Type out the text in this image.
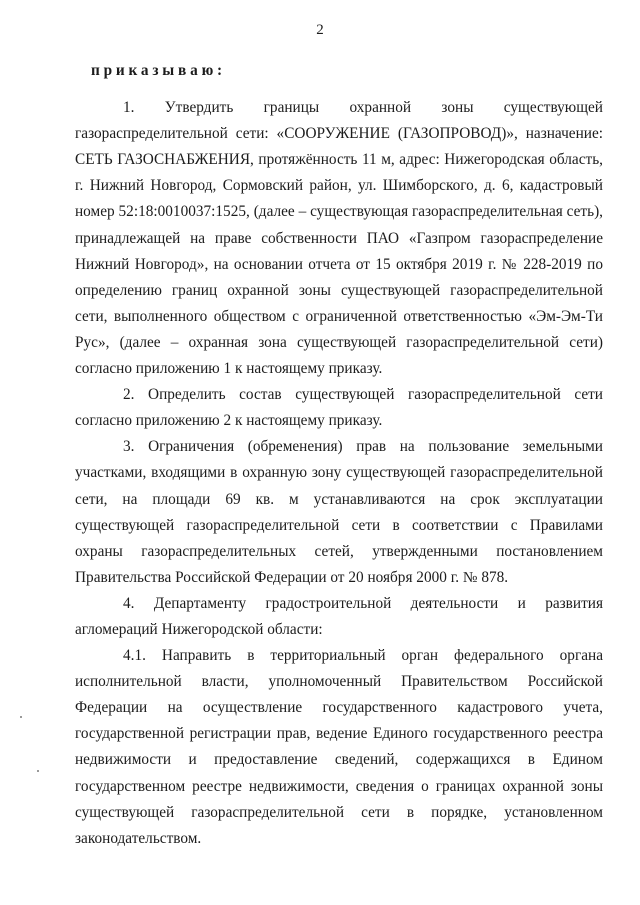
2
приказываю:

1. Утвердить границы охранной зоны существующей газораспределительной сети: «СООРУЖЕНИЕ (ГАЗОПРОВОД)», назначение: СЕТЬ ГАЗОСНАБЖЕНИЯ, протяжённость 11 м, адрес: Нижегородская область, г. Нижний Новгород, Сормовский район, ул. Шимборского, д. 6, кадастровый номер 52:18:0010037:1525, (далее – существующая газораспределительная сеть), принадлежащей на праве собственности ПАО «Газпром газораспределение Нижний Новгород», на основании отчета от 15 октября 2019 г. № 228-2019 по определению границ охранной зоны существующей газораспределительной сети, выполненного обществом с ограниченной ответственностью «Эм-Эм-Ти Рус», (далее – охранная зона существующей газораспределительной сети) согласно приложению 1 к настоящему приказу.

2. Определить состав существующей газораспределительной сети согласно приложению 2 к настоящему приказу.

3. Ограничения (обременения) прав на пользование земельными участками, входящими в охранную зону существующей газораспределительной сети, на площади 69 кв. м устанавливаются на срок эксплуатации существующей газораспределительной сети в соответствии с Правилами охраны газораспределительных сетей, утвержденными постановлением Правительства Российской Федерации от 20 ноября 2000 г. № 878.

4. Департаменту градостроительной деятельности и развития агломераций Нижегородской области:

4.1. Направить в территориальный орган федерального органа исполнительной власти, уполномоченный Правительством Российской Федерации на осуществление государственного кадастрового учета, государственной регистрации прав, ведение Единого государственного реестра недвижимости и предоставление сведений, содержащихся в Едином государственном реестре недвижимости, сведения о границах охранной зоны существующей газораспределительной сети в порядке, установленном законодательством.
